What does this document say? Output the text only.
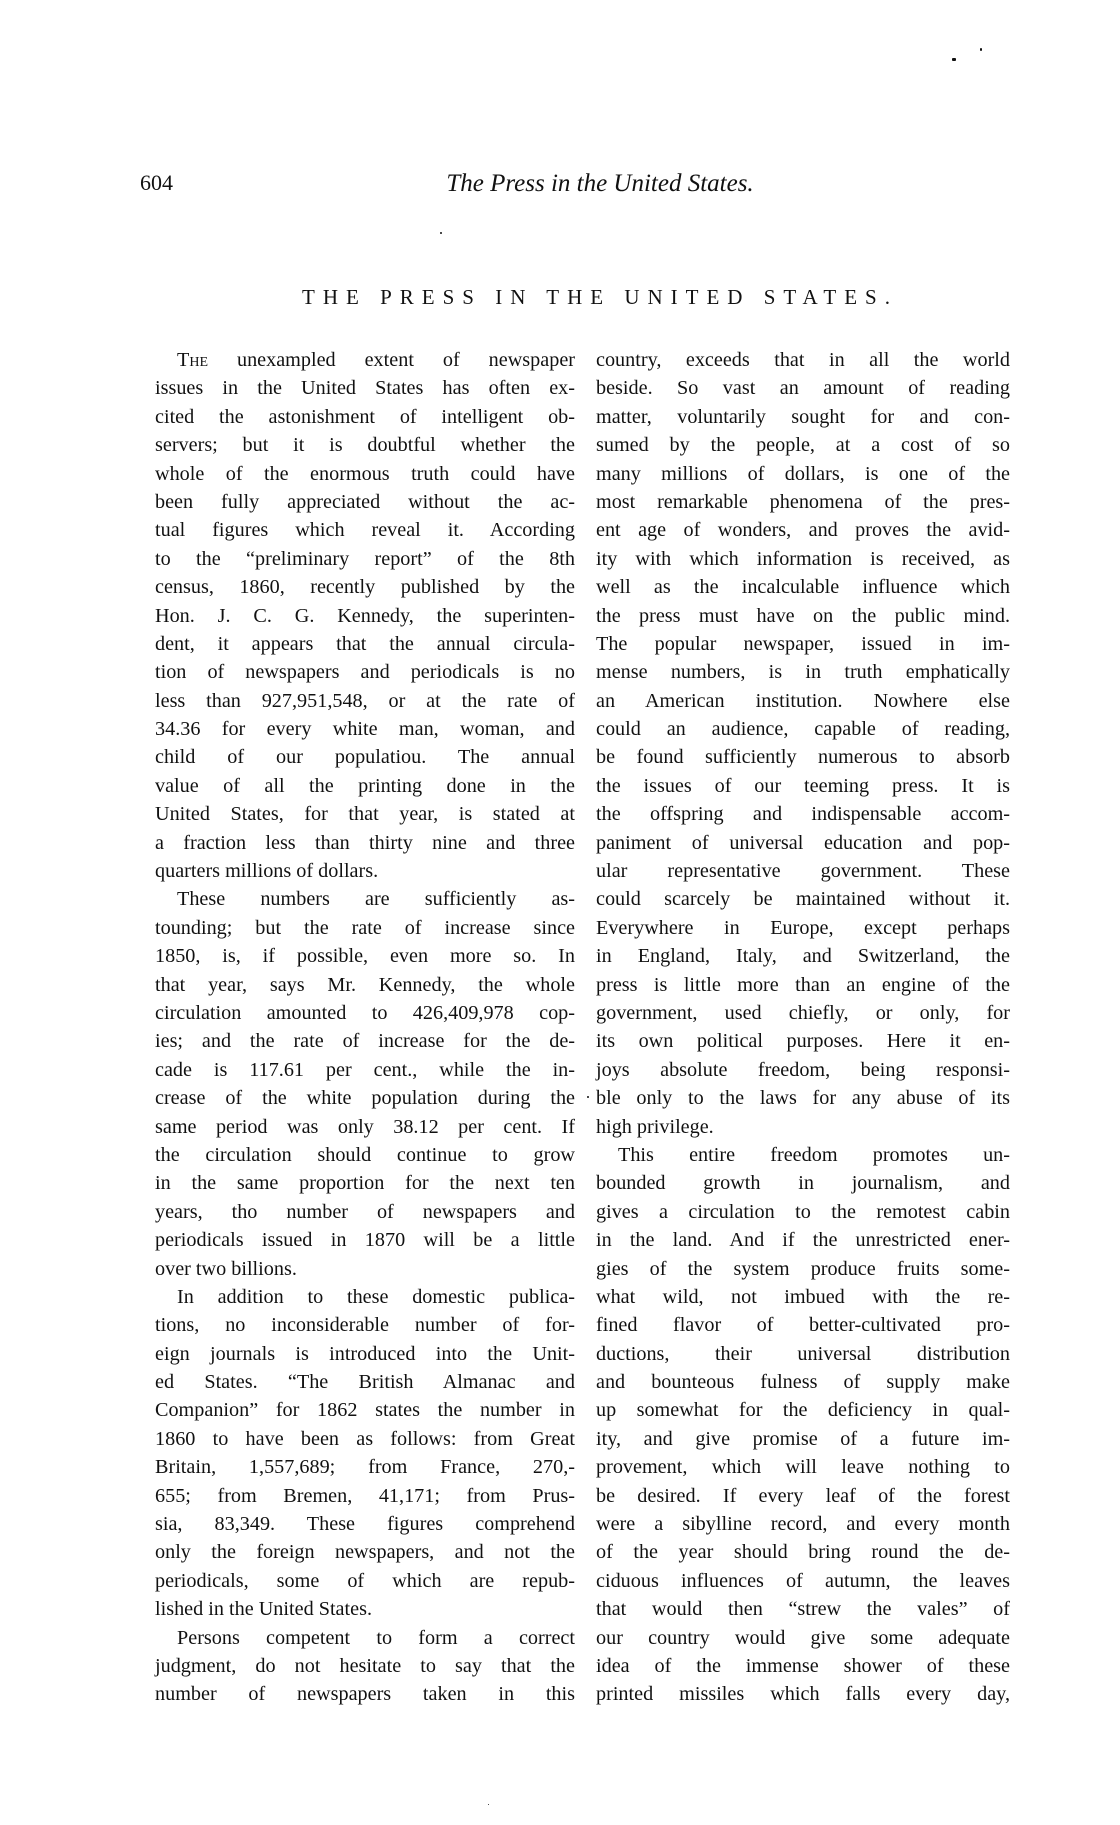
604	The Press in the United States.
THE PRESS IN THE UNITED STATES.
The unexampled extent of newspaper
issues in the United States has often ex-
cited the astonishment of intelligent ob-
servers; but it is doubtful whether the
whole of the enormous truth could have
been fully appreciated without the ac-
tual figures which reveal it. According
to the “preliminary report” of the 8th
census, 1860, recently published by the
Hon. J. C. G. Kennedy, the superinten-
dent, it appears that the annual circula-
tion of newspapers and periodicals is no
less than 927,951,548, or at the rate of
34.36 for every white man, woman, and
child of our populatiou. The annual
value of all the printing done in the
United States, for that year, is stated at
a fraction less than thirty nine and three
quarters millions of dollars.
These numbers are sufficiently as-
tounding; but the rate of increase since
1850, is, if possible, even more so. In
that year, says Mr. Kennedy, the whole
circulation amounted to 426,409,978 cop-
ies; and the rate of increase for the de-
cade is 117.61 per cent., while the in-
crease of the white population during the
same period was only 38.12 per cent. If
the circulation should continue to grow
in the same proportion for the next ten
years, tho number of newspapers and
periodicals issued in 1870 will be a little
over two billions.
In addition to these domestic publica-
tions, no inconsiderable number of for-
eign journals is introduced into the Unit-
ed States. “The British Almanac and
Companion” for 1862 states the number in
1860 to have been as follows: from Great
Britain, 1,557,689; from France, 270,-
655; from Bremen, 41,171; from Prus-
sia, 83,349. These figures comprehend
only the foreign newspapers, and not the
periodicals, some of which are repub-
lished in the United States.
Persons competent to form a correct
judgment, do not hesitate to say that the
number of newspapers taken in this
country, exceeds that in all the world
beside. So vast an amount of reading
matter, voluntarily sought for and con-
sumed by the people, at a cost of so
many millions of dollars, is one of the
most remarkable phenomena of the pres-
ent age of wonders, and proves the avid-
ity with which information is received, as
well as the incalculable influence which
the press must have on the public mind.
The popular newspaper, issued in im-
mense numbers, is in truth emphatically
an American institution. Nowhere else
could an audience, capable of reading,
be found sufficiently numerous to absorb
the issues of our teeming press. It is
the offspring and indispensable accom-
paniment of universal education and pop-
ular representative government. These
could scarcely be maintained without it.
Everywhere in Europe, except perhaps
in England, Italy, and Switzerland, the
press is little more than an engine of the
government, used chiefly, or only, for
its own political purposes. Here it en-
joys absolute freedom, being responsi-
ble only to the laws for any abuse of its
high privilege.
This entire freedom promotes un-
bounded growth in journalism, and
gives a circulation to the remotest cabin
in the land. And if the unrestricted ener-
gies of the system produce fruits some-
what wild, not imbued with the re-
fined flavor of better-cultivated pro-
ductions, their universal distribution
and bounteous fulness of supply make
up somewhat for the deficiency in qual-
ity, and give promise of a future im-
provement, which will leave nothing to
be desired. If every leaf of the forest
were a sibylline record, and every month
of the year should bring round the de-
ciduous influences of autumn, the leaves
that would then “strew the vales” of
our country would give some adequate
idea of the immense shower of these
printed missiles which falls every day,
